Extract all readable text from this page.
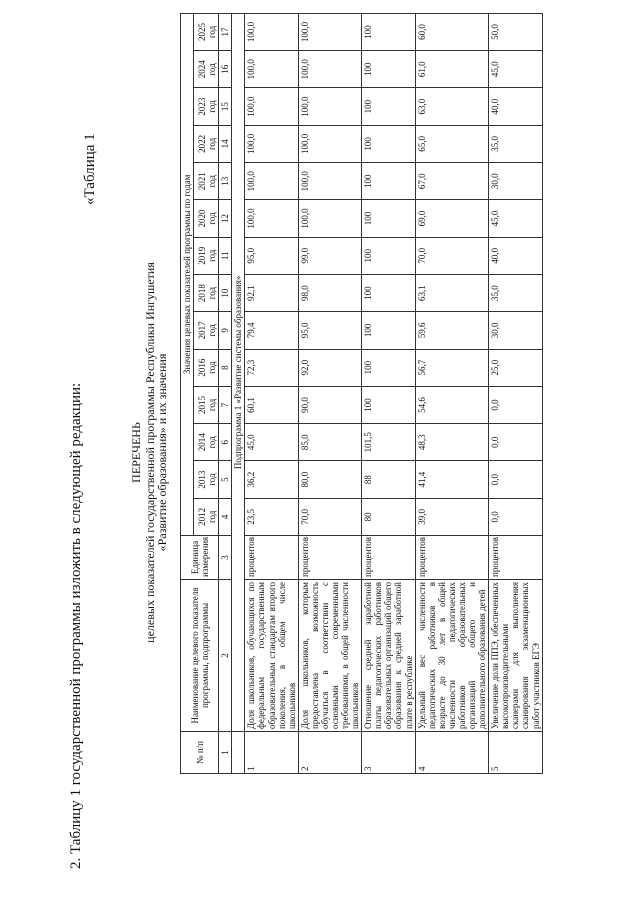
2. Таблицу 1 государственной программы изложить в следующей редакции:
«Таблица 1
ПЕРЕЧЕНЬ целевых показателей государственной программы Республики Ингушетия
«Развитие образования» и их значения
№ п/п	Наименование целевого показателя программы, подпрограммы	Единица измерения	Значения целевых показателей программы по годам													
			2012 год	2013 год	2014 год	2015 год	2016 год	2017 год	2018 год	2019 год	2020 год	2021 год	2022 год	2023 год	2024 год	2025 год
1	2	3	4	5	6	7	8	9	10	11	12	13	14	15	16	17
	Подпрограмма 1 «Развитие системы образования»															
1	Доля школьников, обучающихся по федеральным государственным образовательным стандартам второго поколения, в общем числе школьников	процентов	23,5	36,2	45,0	60,1	72,3	79,4	92,1	95,0	100,0	100,0	100,0	100,0	100,0	100,0
2	Доля школьников, которым предоставлена возможность обучаться в соответствии с основными современными требованиями, в общей численности школьников	процентов	70,0	80,0	85,0	90,0	92,0	95,0	98,0	99,0	100,0	100,0	100,0	100,0	100,0	100,0
3	Отношение средней заработной платы педагогических работников образовательных организаций общего образования к средней заработной плате в республике	процентов	80	88	101,5	100	100	100	100	100	100	100	100	100	100	100
4	Удельный вес численности педагогических работников в возрасте до 30 лет в общей численности педагогических работников образовательных организаций общего и дополнительного образования детей	процентов	39,0	41,4	48,3	54,6	56,7	59,6	63,1	70,0	69,0	67,0	65,0	63,0	61,0	60,0
5	Увеличение доли ППЭ, обеспеченных высокопроизводительными сканерами для выполнения сканирования экзаменационных работ участников ЕГЭ	процентов	0,0	0,0	0,0	0,0	25,0	30,0	35,0	40,0	45,0	30,0	35,0	40,0	45,0	50,0
